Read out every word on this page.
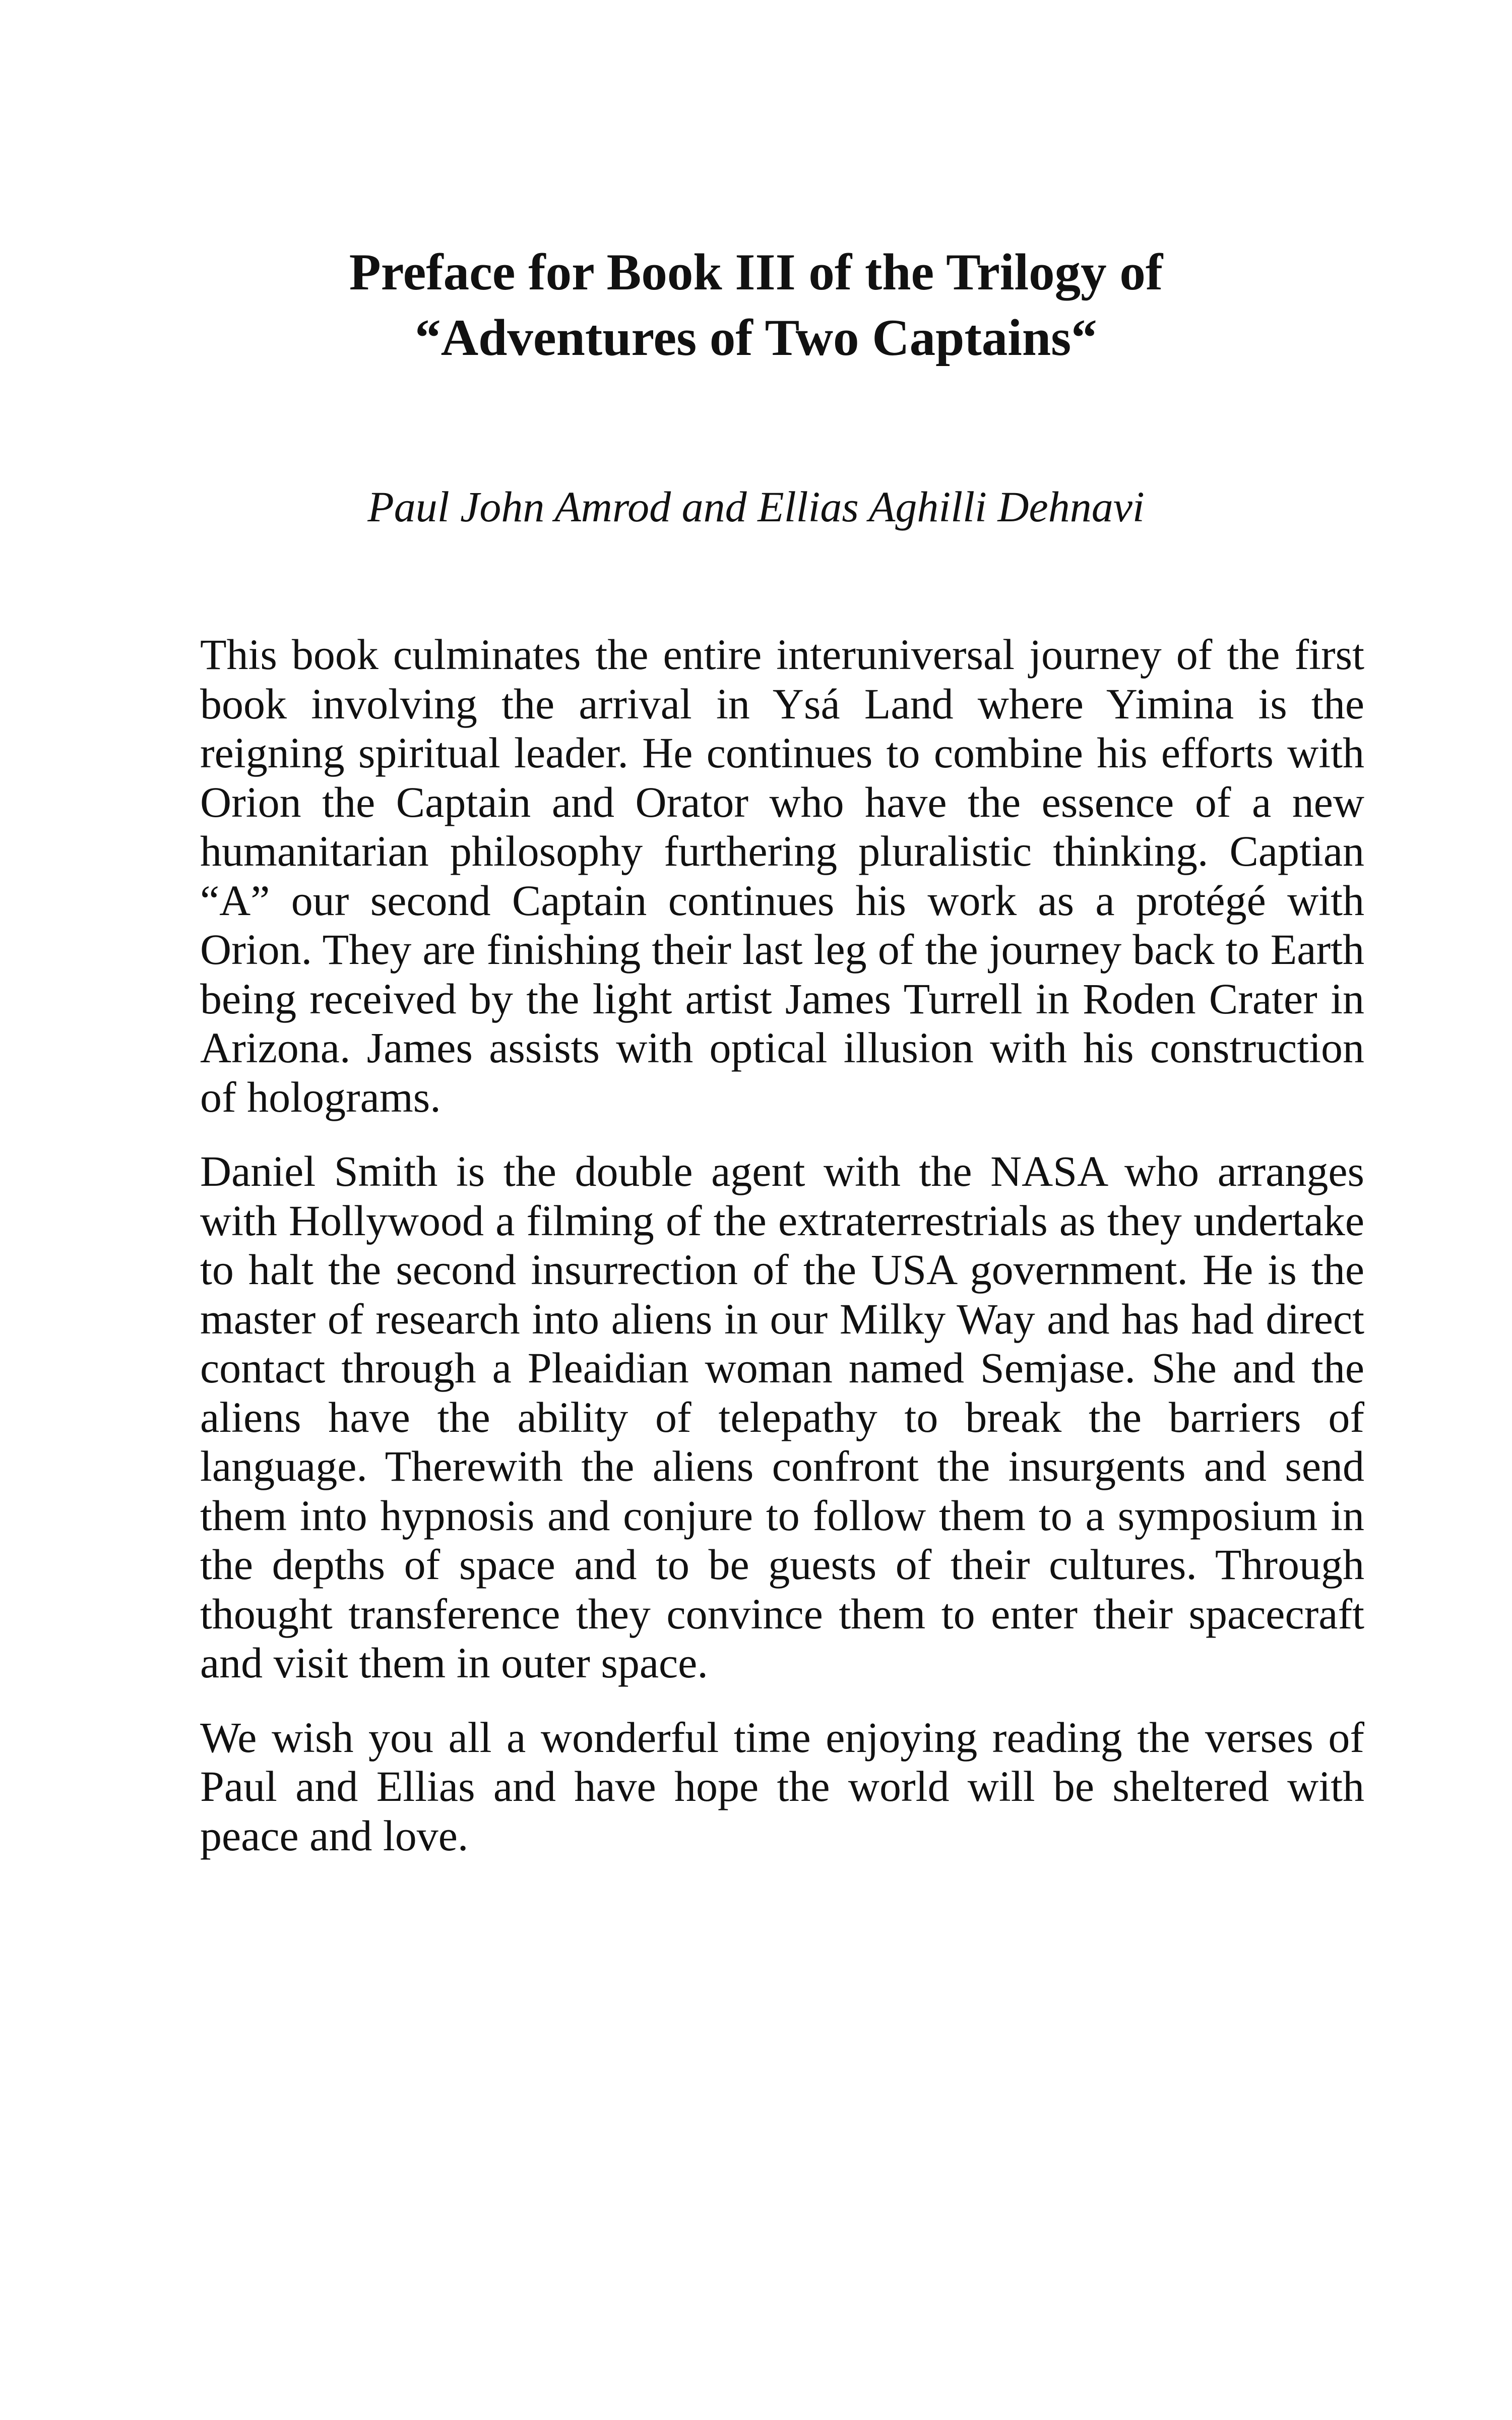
Preface for Book III of the Trilogy of
“Adventures of Two Captains“
Paul John Amrod and Ellias Aghilli Dehnavi

This book culminates the entire interuniversal journey of the first book involving the arrival in Ysá Land where Yimina is the reigning spiritual leader. He continues to combine his efforts with Orion the Captain and Orator who have the essence of a new humanitarian philosophy furthering pluralistic thinking. Captian “A” our second Captain continues his work as a protégé with Orion. They are finishing their last leg of the journey back to Earth being received by the light artist James Turrell in Roden Crater in Arizona. James assists with optical illusion with his construction of holograms.

Daniel Smith is the double agent with the NASA who arranges with Hollywood a filming of the extraterrestrials as they undertake to halt the second insurrection of the USA government. He is the master of research into aliens in our Milky Way and has had direct contact through a Pleaidian woman named Semjase. She and the aliens have the ability of telepathy to break the barriers of language. Therewith the aliens confront the insurgents and send them into hypnosis and conjure to follow them to a symposium in the depths of space and to be guests of their cultures. Through thought transference they convince them to enter their spacecraft and visit them in outer space.

We wish you all a wonderful time enjoying reading the verses of Paul and Ellias and have hope the world will be sheltered with peace and love.
